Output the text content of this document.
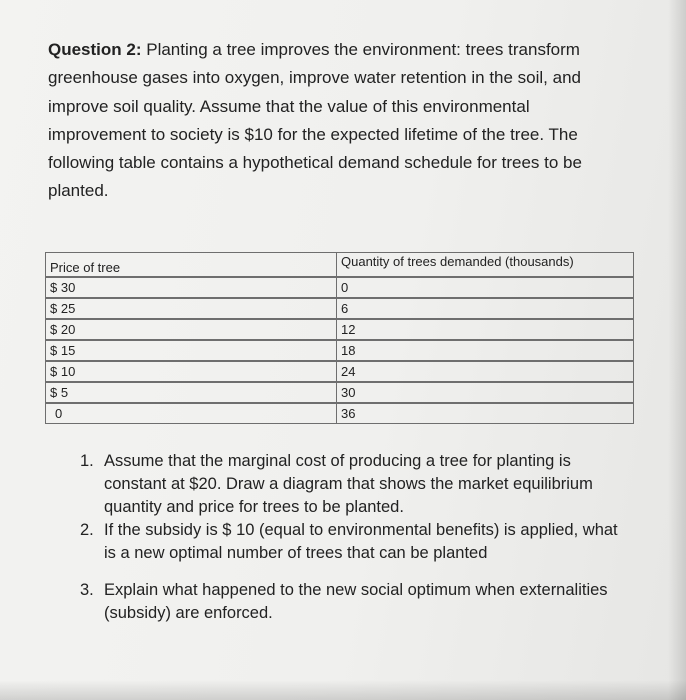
Question 2: Planting a tree improves the environment: trees transform greenhouse gases into oxygen, improve water retention in the soil, and improve soil quality. Assume that the value of this environmental improvement to society is $10 for the expected lifetime of the tree. The following table contains a hypothetical demand schedule for trees to be planted.

Price of tree	Quantity of trees demanded (thousands)
$ 30	0
$ 25	6
$ 20	12
$ 15	18
$ 10	24
$ 5	30
0	36
1. Assume that the marginal cost of producing a tree for planting is constant at $20. Draw a diagram that shows the market equilibrium quantity and price for trees to be planted.
2. If the subsidy is $ 10 (equal to environmental benefits) is applied, what is a new optimal number of trees that can be planted
3. Explain what happened to the new social optimum when externalities (subsidy) are enforced.
